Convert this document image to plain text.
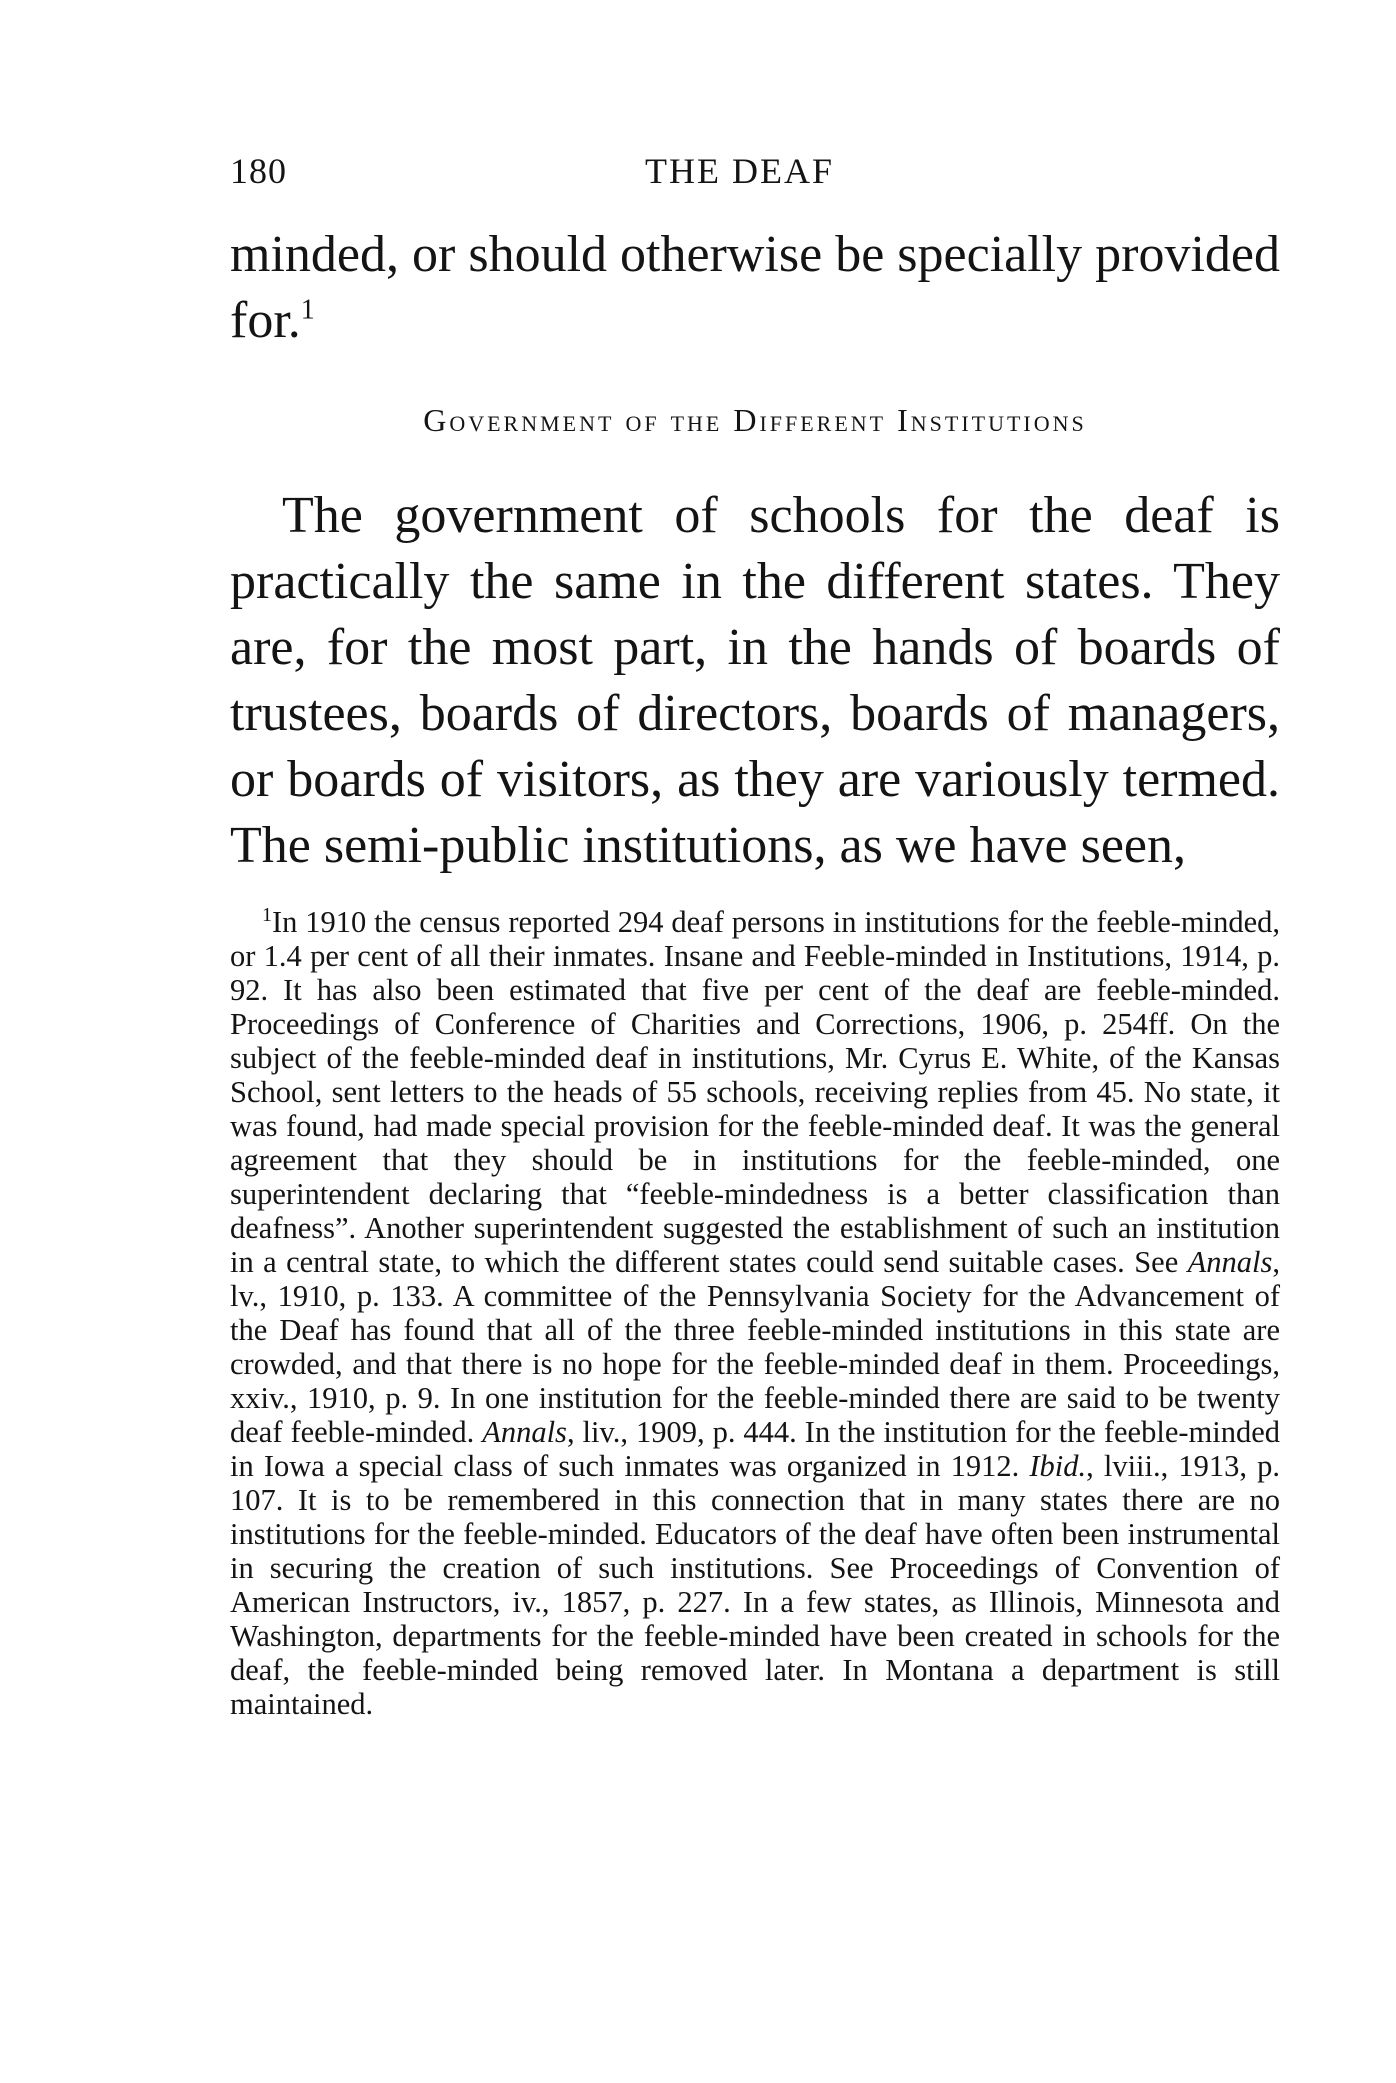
180	THE DEAF

minded, or should otherwise be specially provided for.$^1$

Government of the Different Institutions

The government of schools for the deaf is practically the same in the different states. They are, for the most part, in the hands of boards of trustees, boards of directors, boards of managers, or boards of visitors, as they are variously termed. The semi-public institutions, as we have seen,

$^1$In 1910 the census reported 294 deaf persons in institutions for the feeble-minded, or 1.4 per cent of all their inmates. Insane and Feeble-minded in Institutions, 1914, p. 92. It has also been estimated that five per cent of the deaf are feeble-minded. Proceedings of Conference of Charities and Corrections, 1906, p. 254ff. On the subject of the feeble-minded deaf in institutions, Mr. Cyrus E. White, of the Kansas School, sent letters to the heads of 55 schools, receiving replies from 45. No state, it was found, had made special provision for the feeble-minded deaf. It was the general agreement that they should be in institutions for the feeble-minded, one superintendent declaring that “feeble-mindedness is a better classification than deafness”. Another superintendent suggested the establishment of such an institution in a central state, to which the different states could send suitable cases. See Annals, lv., 1910, p. 133. A committee of the Pennsylvania Society for the Advancement of the Deaf has found that all of the three feeble-minded institutions in this state are crowded, and that there is no hope for the feeble-minded deaf in them. Proceedings, xxiv., 1910, p. 9. In one institution for the feeble-minded there are said to be twenty deaf feeble-minded. Annals, liv., 1909, p. 444. In the institution for the feeble-minded in Iowa a special class of such inmates was organized in 1912. Ibid., lviii., 1913, p. 107. It is to be remembered in this connection that in many states there are no institutions for the feeble-minded. Educators of the deaf have often been instrumental in securing the creation of such institutions. See Proceedings of Convention of American Instructors, iv., 1857, p. 227. In a few states, as Illinois, Minnesota and Washington, departments for the feeble-minded have been created in schools for the deaf, the feeble-minded being removed later. In Montana a department is still maintained.
